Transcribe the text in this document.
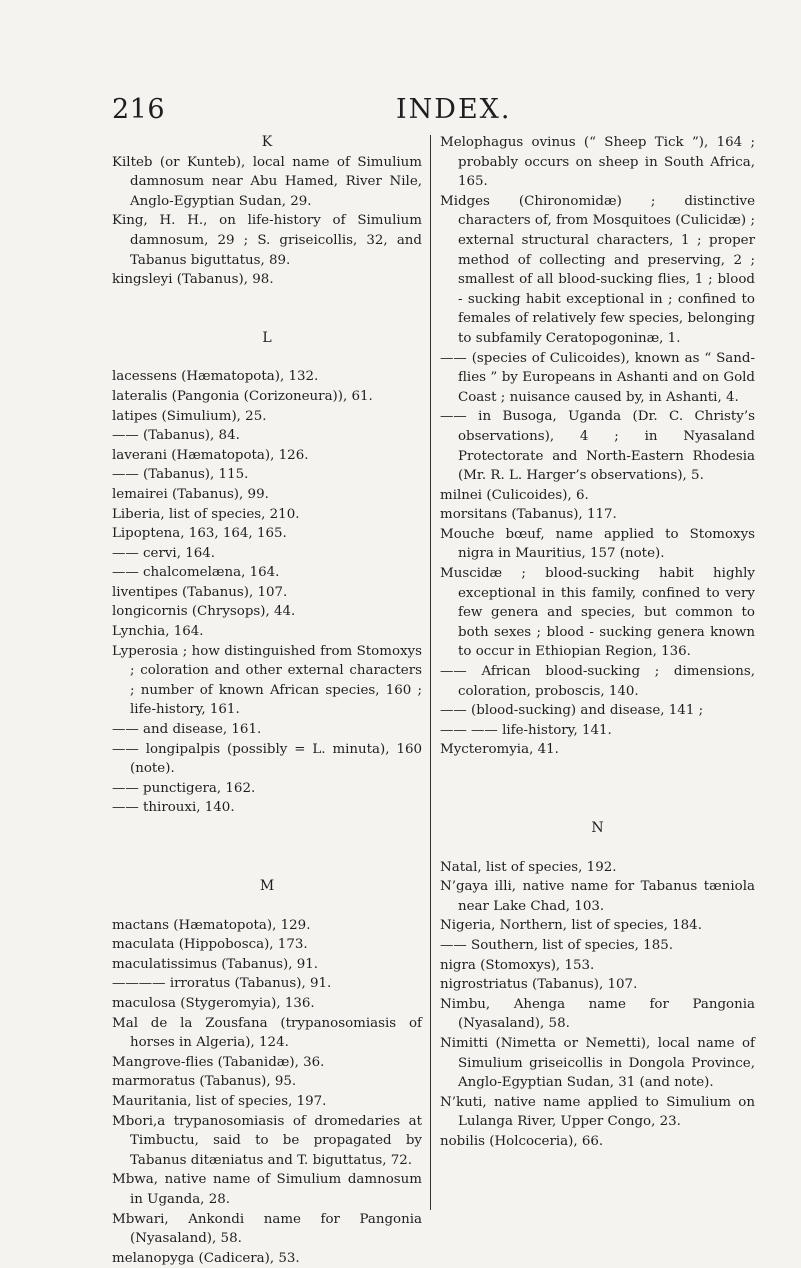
216	INDEX.

K

Kilteb (or Kunteb), local name of Simulium damnosum near Abu Hamed, River Nile, Anglo-Egyptian Sudan, 29.

King, H. H., on life-history of Simulium damnosum, 29 ; S. griseicollis, 32, and Tabanus biguttatus, 89.

kingsleyi (Tabanus), 98.

L

lacessens (Hæmatopota), 132.

lateralis (Pangonia (Corizoneura)), 61.

latipes (Simulium), 25.

—— (Tabanus), 84.

laverani (Hæmatopota), 126.

—— (Tabanus), 115.

lemairei (Tabanus), 99.

Liberia, list of species, 210.

Lipoptena, 163, 164, 165.

—— cervi, 164.

—— chalcomelæna, 164.

liventipes (Tabanus), 107.

longicornis (Chrysops), 44.

Lynchia, 164.

Lyperosia ; how distinguished from Stomoxys ; coloration and other external characters ; number of known African species, 160 ; life-history, 161.

—— and disease, 161.

—— longipalpis (possibly = L. minuta), 160 (note).

—— punctigera, 162.

—— thirouxi, 140.

M

mactans (Hæmatopota), 129.

maculata (Hippobosca), 173.

maculatissimus (Tabanus), 91.

———— irroratus (Tabanus), 91.

maculosa (Stygeromyia), 136.

Mal de la Zousfana (trypanosomiasis of horses in Algeria), 124.

Mangrove-flies (Tabanidæ), 36.

marmoratus (Tabanus), 95.

Mauritania, list of species, 197.

Mbori,a trypanosomiasis of dromedaries at Timbuctu, said to be propagated by Tabanus ditæniatus and T. biguttatus, 72.

Mbwa, native name of Simulium damnosum in Uganda, 28.

Mbwari, Ankondi name for Pangonia (Nyasaland), 58.

melanopyga (Cadicera), 53.

Melophagus ovinus (“ Sheep Tick ”), 164 ; probably occurs on sheep in South Africa, 165.

Midges (Chironomidæ) ; distinctive characters of, from Mosquitoes (Culicidæ) ; external structural characters, 1 ; proper method of collecting and preserving, 2 ; smallest of all blood-sucking flies, 1 ; blood - sucking habit exceptional in ; confined to females of relatively few species, belonging to subfamily Ceratopogoninæ, 1.

—— (species of Culicoides), known as “ Sand-flies ” by Europeans in Ashanti and on Gold Coast ; nuisance caused by, in Ashanti, 4.

—— in Busoga, Uganda (Dr. C. Christy’s observations), 4 ; in Nyasaland Protectorate and North-Eastern Rhodesia (Mr. R. L. Harger’s observations), 5.

milnei (Culicoides), 6.

morsitans (Tabanus), 117.

Mouche bœuf, name applied to Stomoxys nigra in Mauritius, 157 (note).

Muscidæ ; blood-sucking habit highly exceptional in this family, confined to very few genera and species, but common to both sexes ; blood - sucking genera known to occur in Ethiopian Region, 136.

—— African blood-sucking ; dimensions, coloration, proboscis, 140.

—— (blood-sucking) and disease, 141 ;

—— —— life-history, 141.

Mycteromyia, 41.

N

Natal, list of species, 192.

N’gaya illi, native name for Tabanus tæniola near Lake Chad, 103.

Nigeria, Northern, list of species, 184.

—— Southern, list of species, 185.

nigra (Stomoxys), 153.

nigrostriatus (Tabanus), 107.

Nimbu, Ahenga name for Pangonia (Nyasaland), 58.

Nimitti (Nimetta or Nemetti), local name of Simulium griseicollis in Dongola Province, Anglo-Egyptian Sudan, 31 (and note).

N’kuti, native name applied to Simulium on Lulanga River, Upper Congo, 23.

nobilis (Holcoceria), 66.
